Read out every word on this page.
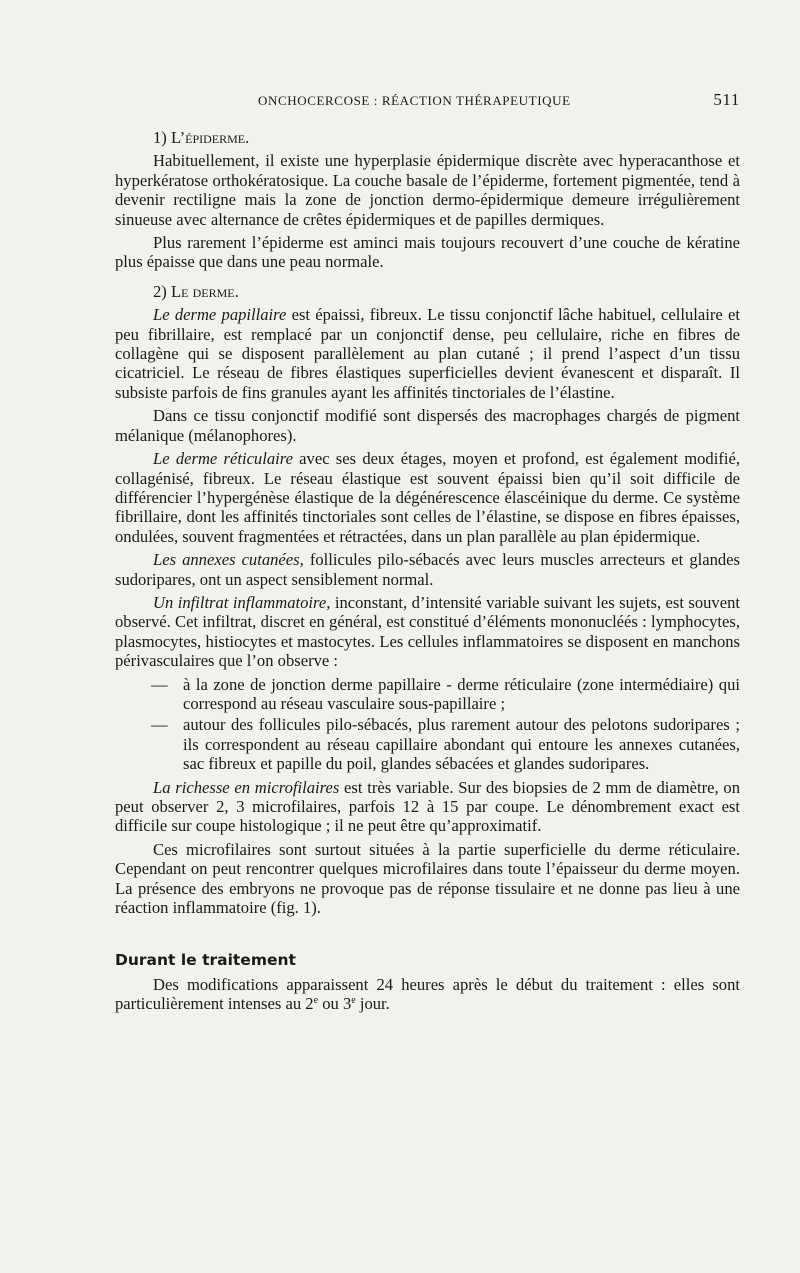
ONCHOCERCOSE : RÉACTION THÉRAPEUTIQUE	511
1) L’épiderme.

Habituellement, il existe une hyperplasie épidermique discrète avec hyperacanthose et hyperkératose orthokératosique. La couche basale de l’épiderme, fortement pigmentée, tend à devenir rectiligne mais la zone de jonction dermo-épidermique demeure irrégulièrement sinueuse avec alternance de crêtes épidermiques et de papilles dermiques.

Plus rarement l’épiderme est aminci mais toujours recouvert d’une couche de kératine plus épaisse que dans une peau normale.

2) Le derme.

Le derme papillaire est épaissi, fibreux. Le tissu conjonctif lâche habituel, cellulaire et peu fibrillaire, est remplacé par un conjonctif dense, peu cellulaire, riche en fibres de collagène qui se disposent parallèlement au plan cutané ; il prend l’aspect d’un tissu cicatriciel. Le réseau de fibres élastiques superficielles devient évanescent et disparaît. Il subsiste parfois de fins granules ayant les affinités tinctoriales de l’élastine.

Dans ce tissu conjonctif modifié sont dispersés des macrophages chargés de pigment mélanique (mélanophores).

Le derme réticulaire avec ses deux étages, moyen et profond, est également modifié, collagénisé, fibreux. Le réseau élastique est souvent épaissi bien qu’il soit difficile de différencier l’hypergénèse élastique de la dégénérescence élascéinique du derme. Ce système fibrillaire, dont les affinités tinctoriales sont celles de l’élastine, se dispose en fibres épaisses, ondulées, souvent fragmentées et rétractées, dans un plan parallèle au plan épidermique.

Les annexes cutanées, follicules pilo-sébacés avec leurs muscles arrecteurs et glandes sudoripares, ont un aspect sensiblement normal.

Un infiltrat inflammatoire, inconstant, d’intensité variable suivant les sujets, est souvent observé. Cet infiltrat, discret en général, est constitué d’éléments mononucléés : lymphocytes, plasmocytes, histiocytes et mastocytes. Les cellules inflammatoires se disposent en manchons périvasculaires que l’on observe :

— à la zone de jonction derme papillaire - derme réticulaire (zone intermédiaire) qui correspond au réseau vasculaire sous-papillaire ;
— autour des follicules pilo-sébacés, plus rarement autour des pelotons sudoripares ; ils correspondent au réseau capillaire abondant qui entoure les annexes cutanées, sac fibreux et papille du poil, glandes sébacées et glandes sudoripares.

La richesse en microfilaires est très variable. Sur des biopsies de 2 mm de diamètre, on peut observer 2, 3 microfilaires, parfois 12 à 15 par coupe. Le dénombrement exact est difficile sur coupe histologique ; il ne peut être qu’approximatif.

Ces microfilaires sont surtout situées à la partie superficielle du derme réticulaire. Cependant on peut rencontrer quelques microfilaires dans toute l’épaisseur du derme moyen. La présence des embryons ne provoque pas de réponse tissulaire et ne donne pas lieu à une réaction inflammatoire (fig. 1).

Durant le traitement

Des modifications apparaissent 24 heures après le début du traitement : elles sont particulièrement intenses au 2e ou 3e jour.
